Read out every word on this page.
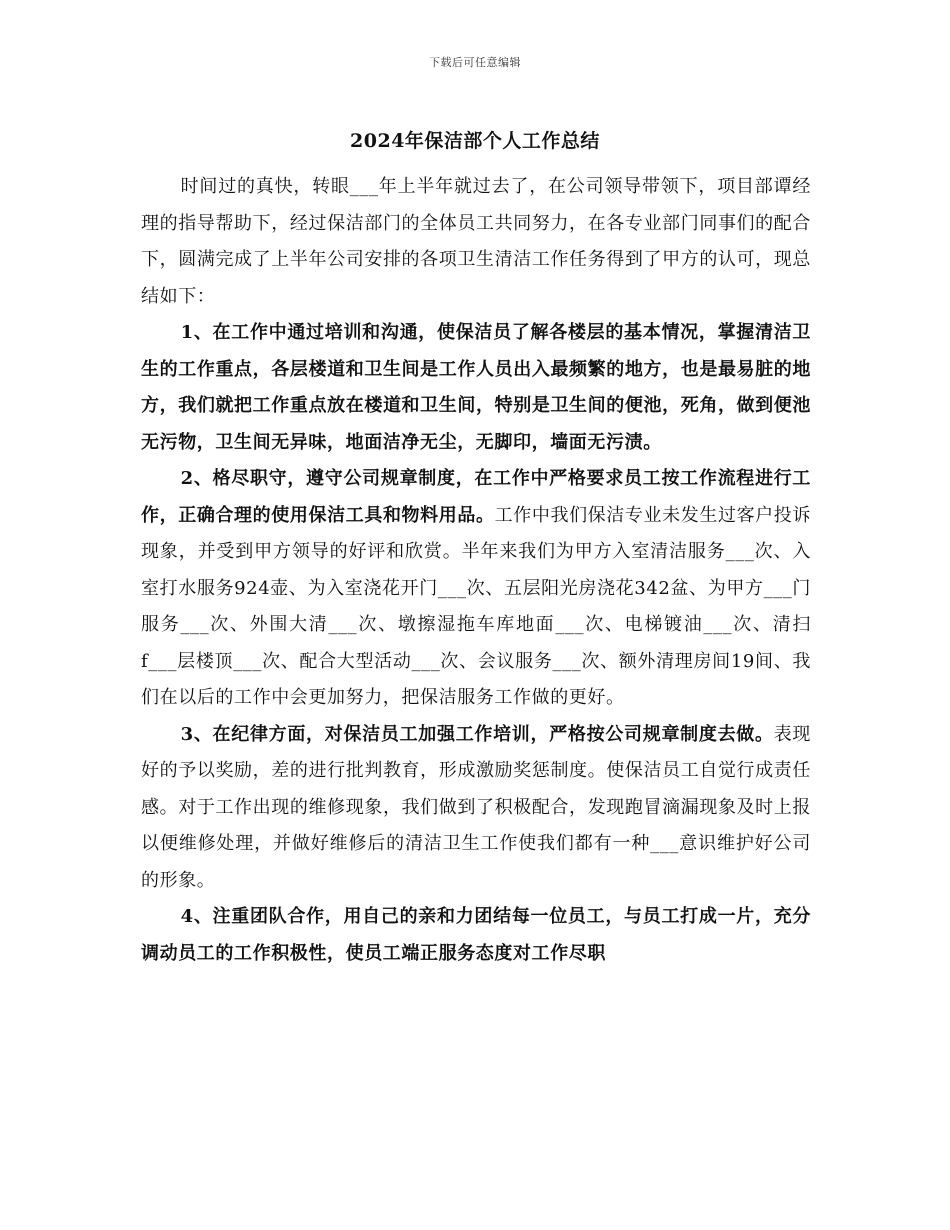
下载后可任意编辑
2024年保洁部个人工作总结

时间过的真快，转眼___年上半年就过去了，在公司领导带领下，项目部谭经理的指导帮助下，经过保洁部门的全体员工共同努力，在各专业部门同事们的配合下，圆满完成了上半年公司安排的各项卫生清洁工作任务得到了甲方的认可，现总结如下：

1、在工作中通过培训和沟通，使保洁员了解各楼层的基本情况，掌握清洁卫生的工作重点，各层楼道和卫生间是工作人员出入最频繁的地方，也是最易脏的地方，我们就把工作重点放在楼道和卫生间，特别是卫生间的便池，死角，做到便池无污物，卫生间无异味，地面洁净无尘，无脚印，墙面无污渍。

2、格尽职守，遵守公司规章制度，在工作中严格要求员工按工作流程进行工作，正确合理的使用保洁工具和物料用品。工作中我们保洁专业未发生过客户投诉现象，并受到甲方领导的好评和欣赏。半年来我们为甲方入室清洁服务___次、入室打水服务924壶、为入室浇花开门___次、五层阳光房浇花342盆、为甲方___门服务___次、外围大清___次、墩擦湿拖车库地面___次、电梯镀油___次、清扫f___层楼顶___次、配合大型活动___次、会议服务___次、额外清理房间19间、我们在以后的工作中会更加努力，把保洁服务工作做的更好。

3、在纪律方面，对保洁员工加强工作培训，严格按公司规章制度去做。表现好的予以奖励，差的进行批判教育，形成激励奖惩制度。使保洁员工自觉行成责任感。对于工作出现的维修现象，我们做到了积极配合，发现跑冒滴漏现象及时上报以便维修处理，并做好维修后的清洁卫生工作使我们都有一种___意识维护好公司的形象。

4、注重团队合作，用自己的亲和力团结每一位员工，与员工打成一片，充分调动员工的工作积极性，使员工端正服务态度对工作尽职
